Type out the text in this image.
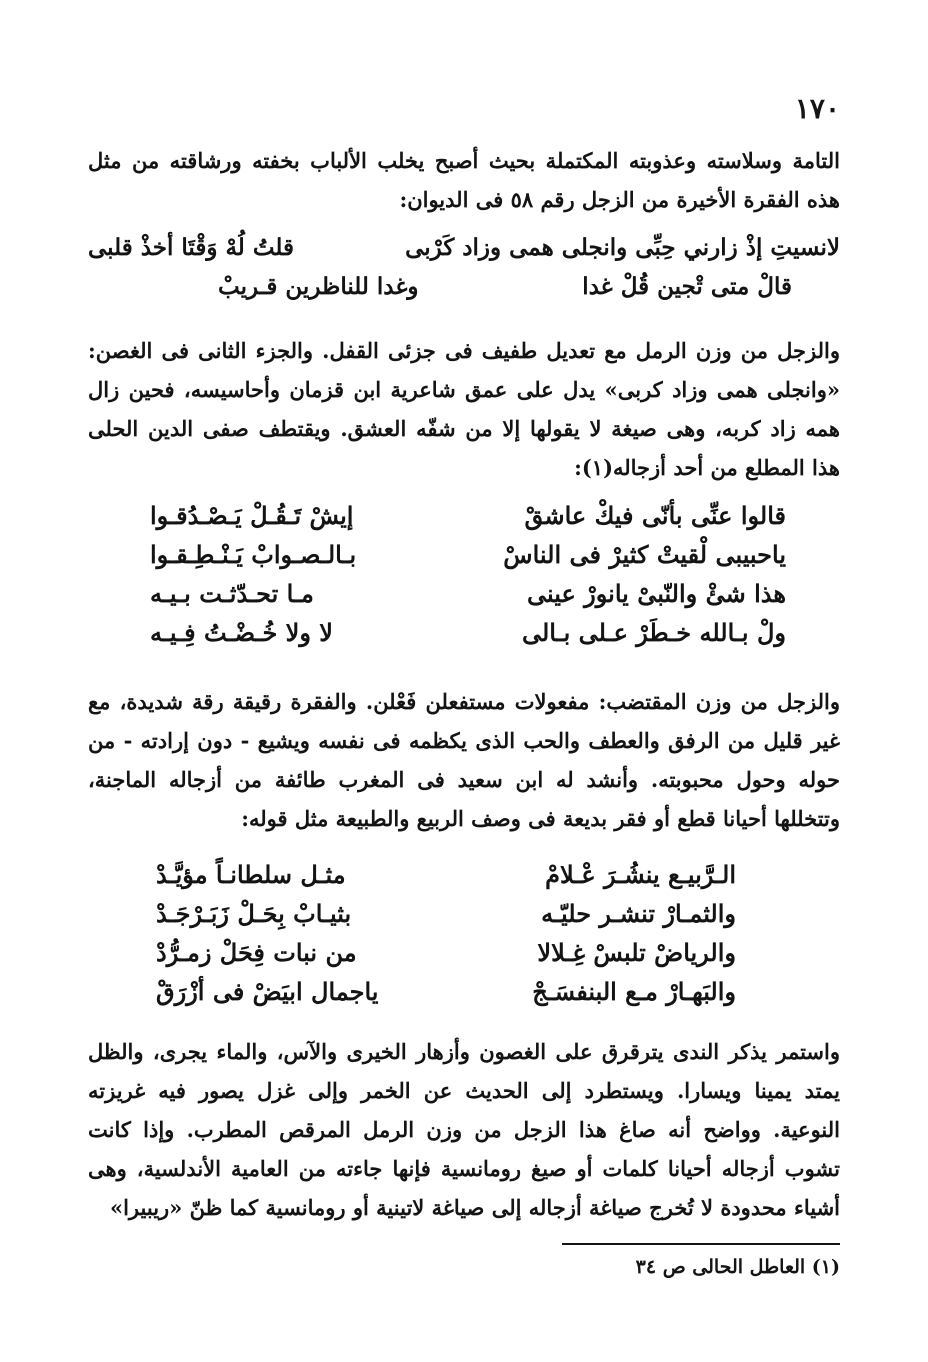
١٧٠

التامة وسلاسته وعذوبته المكتملة بحيث أصبح يخلب الألباب بخفته ورشاقته من مثل هذه الفقرة الأخيرة من الزجل رقم ٥٨ فى الديوان:

لانسيتِ إذْ زارني حِبِّى وانجلى همى وزاد كَرْبى
قلتُ لُهْ وَقْتَا أخذْ قلبى
قالْ متى تْجين قُلْ غدا
وغدا للناظرين قـريبْ

والزجل من وزن الرمل مع تعديل طفيف فى جزئى القفل. والجزء الثانى فى الغصن: «وانجلى همى وزاد كربى» يدل على عمق شاعرية ابن قزمان وأحاسيسه، فحين زال همه زاد كربه، وهى صيغة لا يقولها إلا من شفّه العشق. ويقتطف صفى الدين الحلى هذا المطلع من أحد أزجاله(١):

قالوا عنِّى بأنّى فيكْ عاشقْ
إيشْ تَـقُـلْ يَـصْـدُقـوا
ياحبيبى لْقيتْ كثيرْ فى الناسْ
بـالـصـوابْ يَـنْـطِـقـوا
هذا شئْ والنّبىْ يانورْ عينى
مـا تحـدّثـت بـيـه
ولْ بـالله خـطَرْ عـلى بـالى
لا ولا خُـضْـتُ فِـيـه

والزجل من وزن المقتضب: مفعولات مستفعلن فَعْلن. والفقرة رقيقة رقة شديدة، مع غير قليل من الرفق والعطف والحب الذى يكظمه فى نفسه ويشيع - دون إرادته - من حوله وحول محبوبته. وأنشد له ابن سعيد فى المغرب طائفة من أزجاله الماجنة، وتتخللها أحيانا قطع أو فقر بديعة فى وصف الربيع والطبيعة مثل قوله:

الـرَّبيـع ينشُـرَ عْـلامْ
مثـل سلطانـاً مؤيَّـدْ
والثمـارْ تنشـر حليّـه
بثيـابْ بِحَـلْ زَبَـرْجَـدْ
والرياضْ تلبسْ غِـلالا
من نبات فِحَلْ زمـرُّدْ
والبَهـارْ مـع البنفسَـجْ
ياجمال ابيَضْ فى أزْرَقْ

واستمر يذكر الندى يترقرق على الغصون وأزهار الخيرى والآس، والماء يجرى، والظل يمتد يمينا ويسارا. ويستطرد إلى الحديث عن الخمر وإلى غزل يصور فيه غريزته النوعية. وواضح أنه صاغ هذا الزجل من وزن الرمل المرقص المطرب. وإذا كانت تشوب أزجاله أحيانا كلمات أو صيغ رومانسية فإنها جاءته من العامية الأندلسية، وهى أشياء محدودة لا تُخرج صياغة أزجاله إلى صياغة لاتينية أو رومانسية كما ظنّ «ريبيرا»

(١) العاطل الحالى ص ٣٤
